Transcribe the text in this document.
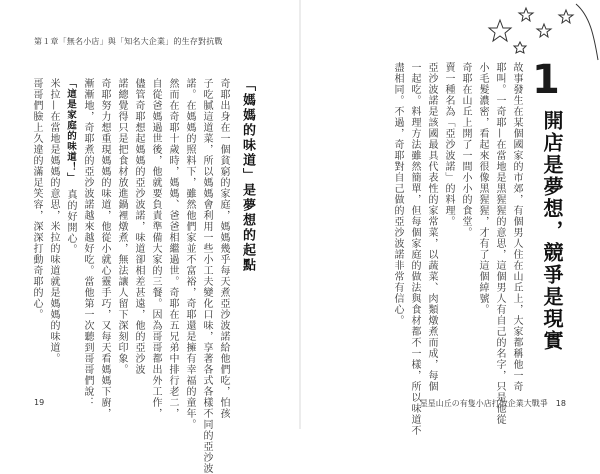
第１章「無名小店」與「知名大企業」的生存對抗戰
奇耶出身在一個貧窮的家庭，媽媽幾乎每天煮亞沙波諾給他們吃，怕孩
子吃膩這道菜，所以媽媽會利用一些小工夫變化口味，享著各式各樣不同的亞沙波
諾。在媽媽的照料下，雖然他們家並不富裕，奇耶還是擁有幸福的童年。
然而在奇耶十歲時，媽媽、爸爸相繼過世。奇耶在五兄弟中排行老二，
自從爸媽過世後，他就要負責準備大家的三餐。因為哥哥都出外工作，
儘管奇耶想起媽媽的亞沙波諾，味道卻相差甚遠，他的亞沙波
諾總覺得只是把食材放進鍋裡燉煮，無法讓人留下深刻印象。
奇耶努力想重現媽媽的味道，他從小就心靈手巧，又每天看媽媽下廚，
漸漸地，奇耶煮的亞沙波諾越來越好吃。當他第一次聽到哥哥們說：
「這是家庭的味道！」　真的好開心。
米拉—在當地是媽媽的意思，米拉的味道就是媽媽的味道。
哥哥們臉上久違的滿足笑容，深深打動奇耶的心。	「媽媽的味道」是夢想的起點
19
1
開店是夢想，競爭是現實
故事發生在某個國家的市郊，有個男人住在山丘上，大家都稱他一奇
耶叫。一奇耶—在當地是黑猩猩的意思，這個男人有自己的名字，只是他從
小毛髮濃密，看起來很像黑猩猩，才有了這個綽號。
奇耶在山丘上開了一間小小的食堂。
賣一種名為「亞沙波諾」的料理。
亞沙波諾是該國最具代表性的家常菜，以蔬菜、肉類燉煮而成，每個
一起吃。料理方法雖然簡單，但每個家庭的做法與食材都不一樣，所以味道不
盡相同。不過，奇耶對自己做的亞沙波諾非常有信心。
星星山丘の有隻小店打敗企業大戰爭　18
